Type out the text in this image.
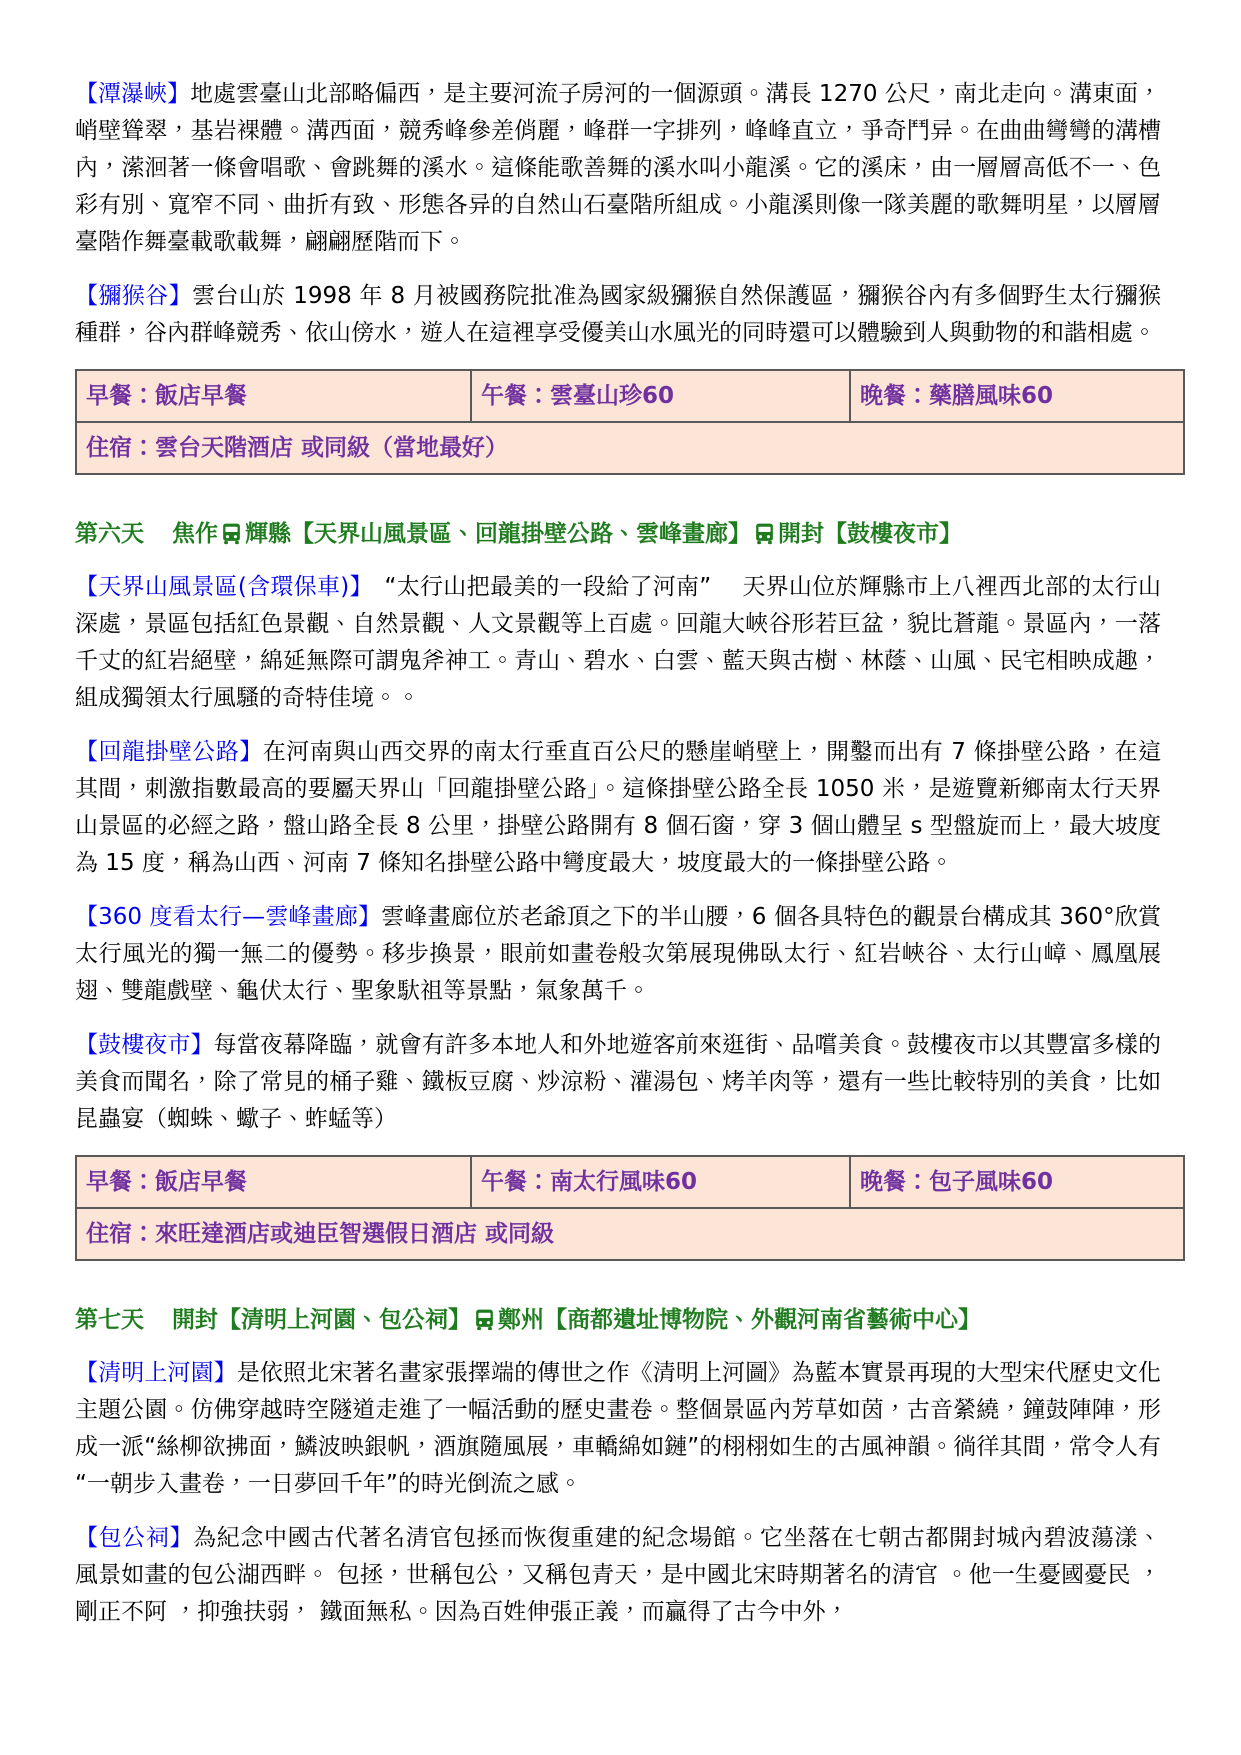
【潭瀑峽】地處雲臺山北部略偏西，是主要河流子房河的一個源頭。溝長 1270 公尺，南北走向。溝東面，峭壁聳翠，基岩裸體。溝西面，競秀峰參差俏麗，峰群一字排列，峰峰直立，爭奇鬥异。在曲曲彎彎的溝槽內，潆洄著一條會唱歌、會跳舞的溪水。這條能歌善舞的溪水叫小龍溪。它的溪床，由一層層高低不一、色彩有別、寬窄不同、曲折有致、形態各异的自然山石臺階所組成。小龍溪則像一隊美麗的歌舞明星，以層層臺階作舞臺載歌載舞，翩翩歷階而下。

【獼猴谷】雲台山於 1998 年 8 月被國務院批准為國家級獼猴自然保護區，獼猴谷內有多個野生太行獼猴種群，谷內群峰競秀、依山傍水，遊人在這裡享受優美山水風光的同時還可以體驗到人與動物的和諧相處。

早餐：飯店早餐	午餐：雲臺山珍60	晚餐：藥膳風味60
住宿：雲台天階酒店 或同級（當地最好）
第六天 焦作 輝縣【天界山風景區、回龍掛壁公路、雲峰畫廊】 開封【鼓樓夜市】

【天界山風景區(含環保車)】　“太行山把最美的一段給了河南”　 天界山位於輝縣市上八裡西北部的太行山深處，景區包括紅色景觀、自然景觀、人文景觀等上百處。回龍大峽谷形若巨盆，貌比蒼龍。景區內，一落千丈的紅岩絕壁，綿延無際可謂鬼斧神工。青山、碧水、白雲、藍天與古樹、林蔭、山風、民宅相映成趣，組成獨領太行風騷的奇特佳境。。

【回龍掛壁公路】在河南與山西交界的南太行垂直百公尺的懸崖峭壁上，開鑿而出有 7 條掛壁公路，在這其間，刺激指數最高的要屬天界山「回龍掛壁公路」。這條掛壁公路全長 1050 米，是遊覽新鄉南太行天界山景區的必經之路，盤山路全長 8 公里，掛壁公路開有 8 個石窗，穿 3 個山體呈 s 型盤旋而上，最大坡度為 15 度，稱為山西、河南 7 條知名掛壁公路中彎度最大，坡度最大的一條掛壁公路。

【360 度看太行—雲峰畫廊】雲峰畫廊位於老爺頂之下的半山腰，6 個各具特色的觀景台構成其 360°欣賞太行風光的獨一無二的優勢。移步換景，眼前如畫卷般次第展現佛臥太行、紅岩峽谷、太行山嶂、鳳凰展翅、雙龍戲壁、龜伏太行、聖象馱祖等景點，氣象萬千。

【鼓樓夜市】每當夜幕降臨，就會有許多本地人和外地遊客前來逛街、品嚐美食。鼓樓夜市以其豐富多樣的美食而聞名，除了常見的桶子雞、鐵板豆腐、炒涼粉、灌湯包、烤羊肉等，還有一些比較特別的美食，比如昆蟲宴（蜘蛛、蠍子、蚱蜢等）

早餐：飯店早餐	午餐：南太行風味60	晚餐：包子風味60
住宿：來旺達酒店或迪臣智選假日酒店 或同級
第七天 開封【清明上河園、包公祠】 鄭州【商都遺址博物院、外觀河南省藝術中心】

【清明上河園】是依照北宋著名畫家張擇端的傳世之作《清明上河圖》為藍本實景再現的大型宋代歷史文化主題公園。仿佛穿越時空隧道走進了一幅活動的歷史畫卷。整個景區內芳草如茵，古音縈繞，鐘鼓陣陣，形成一派“絲柳欲拂面，鱗波映銀帆，酒旗隨風展，車轎綿如鏈”的栩栩如生的古風神韻。徜徉其間，常令人有“一朝步入畫卷，一日夢回千年”的時光倒流之感。

【包公祠】為紀念中國古代著名清官包拯而恢復重建的紀念場館。它坐落在七朝古都開封城內碧波蕩漾、 風景如畫的包公湖西畔。 包拯，世稱包公，又稱包青天，是中國北宋時期著名的清官 。他一生憂國憂民 ，剛正不阿 ，抑強扶弱， 鐵面無私。因為百姓伸張正義，而贏得了古今中外，
